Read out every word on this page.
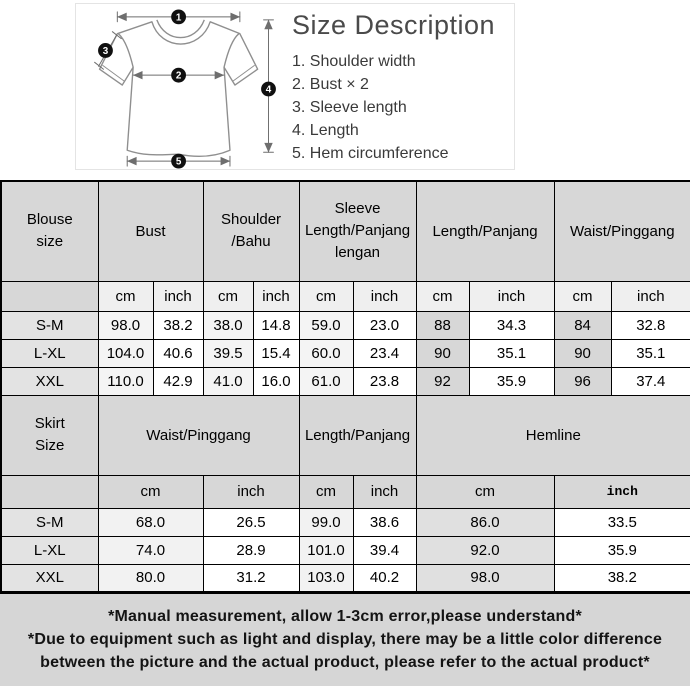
1
2
3
4
5
Size Description
1. Shoulder width
2. Bust × 2
3. Sleeve length
4. Length
5. Hem circumference
Blouse size	Bust		Shoulder /Bahu		Sleeve Length/Panjang lengan		Length/Panjang		Waist/Pinggang	
	cm	inch	cm	inch	cm	inch	cm	inch	cm	inch
S-M	98.0	38.2	38.0	14.8	59.0	23.0	88	34.3	84	32.8
L-XL	104.0	40.6	39.5	15.4	60.0	23.4	90	35.1	90	35.1
XXL	110.0	42.9	41.0	16.0	61.0	23.8	92	35.9	96	37.4
Skirt Size	Waist/Pinggang				Length/Panjang		Hemline			
	cm		inch		cm	inch	cm		inch	
S-M	68.0		26.5		99.0	38.6	86.0		33.5	
L-XL	74.0		28.9		101.0	39.4	92.0		35.9	
XXL	80.0		31.2		103.0	40.2	98.0		38.2	
*Manual measurement, allow 1-3cm error,please understand*
*Due to equipment such as light and display, there may be a little color difference
between the picture and the actual product, please refer to the actual product*
